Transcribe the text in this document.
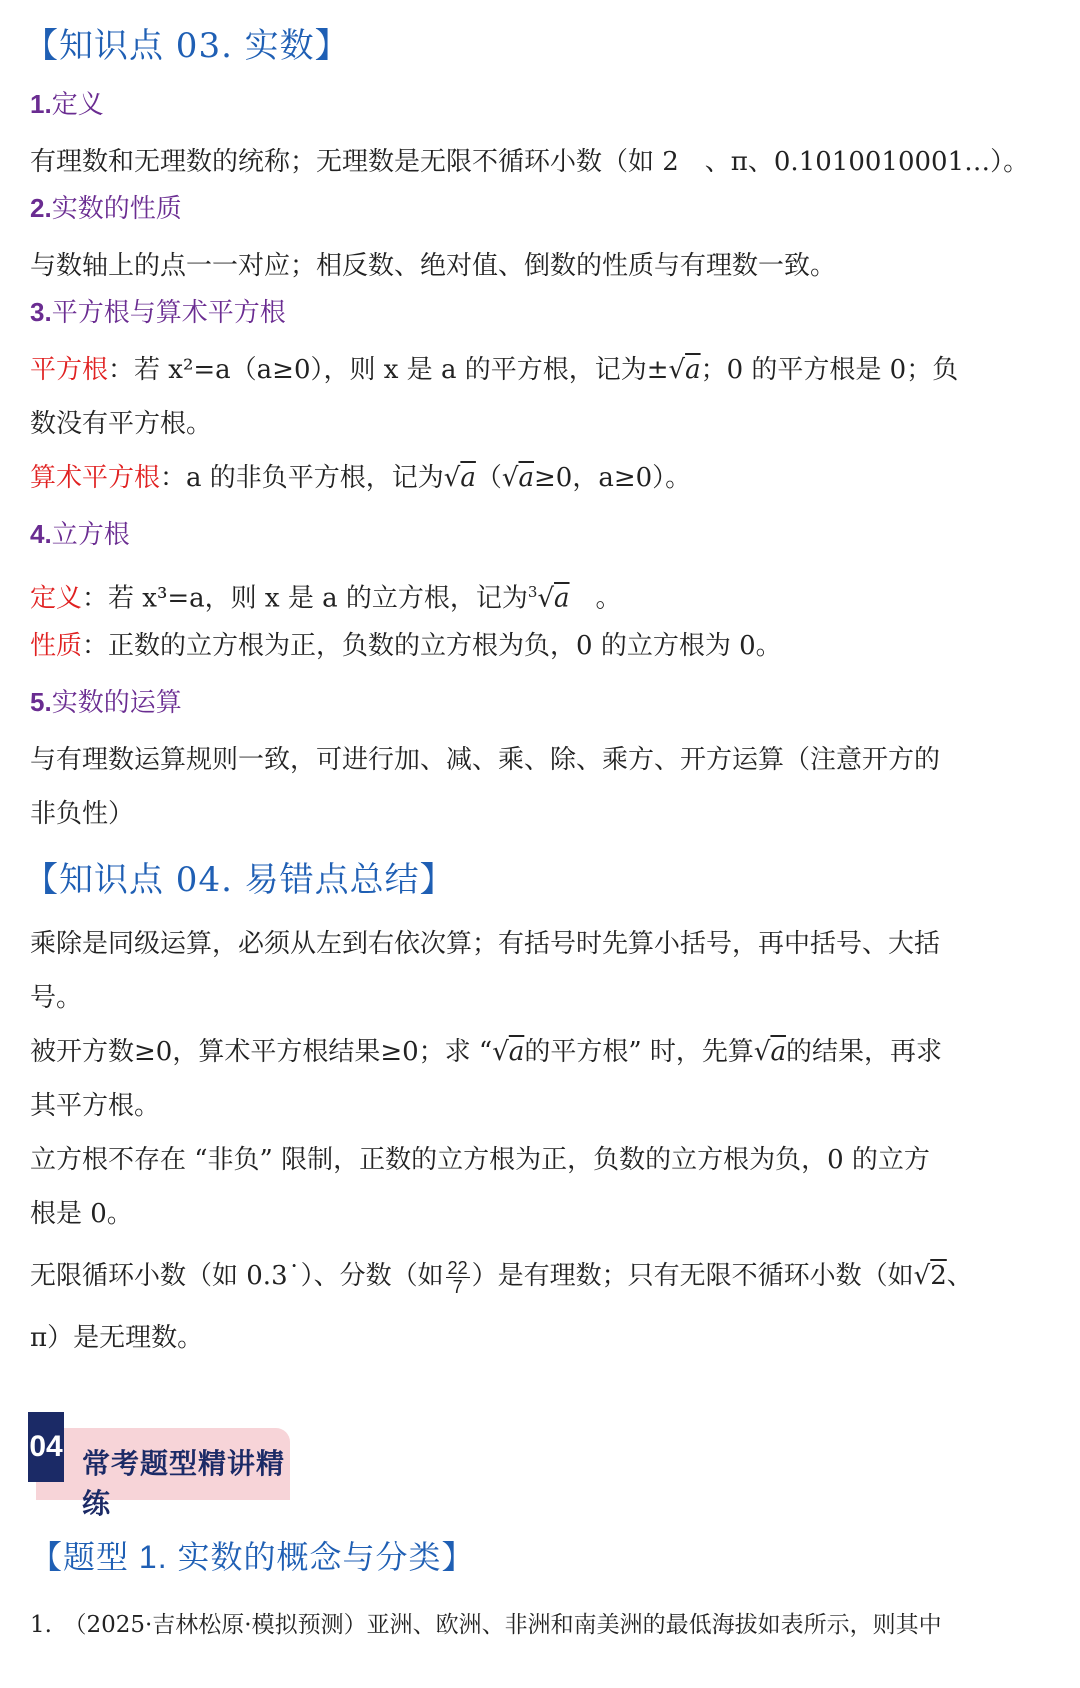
【知识点 03. 实数】
1.定义
有理数和无理数的统称；无理数是无限不循环小数（如 2　、π、0.1010010001…）。
2.实数的性质
与数轴上的点一一对应；相反数、绝对值、倒数的性质与有理数一致。
3.平方根与算术平方根
平方根：若 x²=a（a≥0），则 x 是 a 的平方根，记为±√a；0 的平方根是 0；负
数没有平方根。
算术平方根：a 的非负平方根，记为√a（√a≥0，a≥0）。
4.立方根
定义：若 x³=a，则 x 是 a 的立方根，记为$^3$√a　。
性质：正数的立方根为正，负数的立方根为负，0 的立方根为 0。
5.实数的运算
与有理数运算规则一致，可进行加、减、乘、除、乘方、开方运算（注意开方的
非负性）
【知识点 04. 易错点总结】
乘除是同级运算，必须从左到右依次算；有括号时先算小括号，再中括号、大括
号。
被开方数≥0，算术平方根结果≥0；求 “√a的平方根” 时，先算√a的结果，再求
其平方根。
立方根不存在 “非负” 限制，正数的立方根为正，负数的立方根为负，0 的立方
根是 0。
无限循环小数（如 0.3˙）、分数（如 $\frac{22}{7}$ ）是有理数；只有无限不循环小数（如√2、
π）是无理数。
04
常考题型精讲精练
【题型 1. 实数的概念与分类】
1.　（2025·吉林松原·模拟预测）亚洲、欧洲、非洲和南美洲的最低海拔如表所示，则其中
